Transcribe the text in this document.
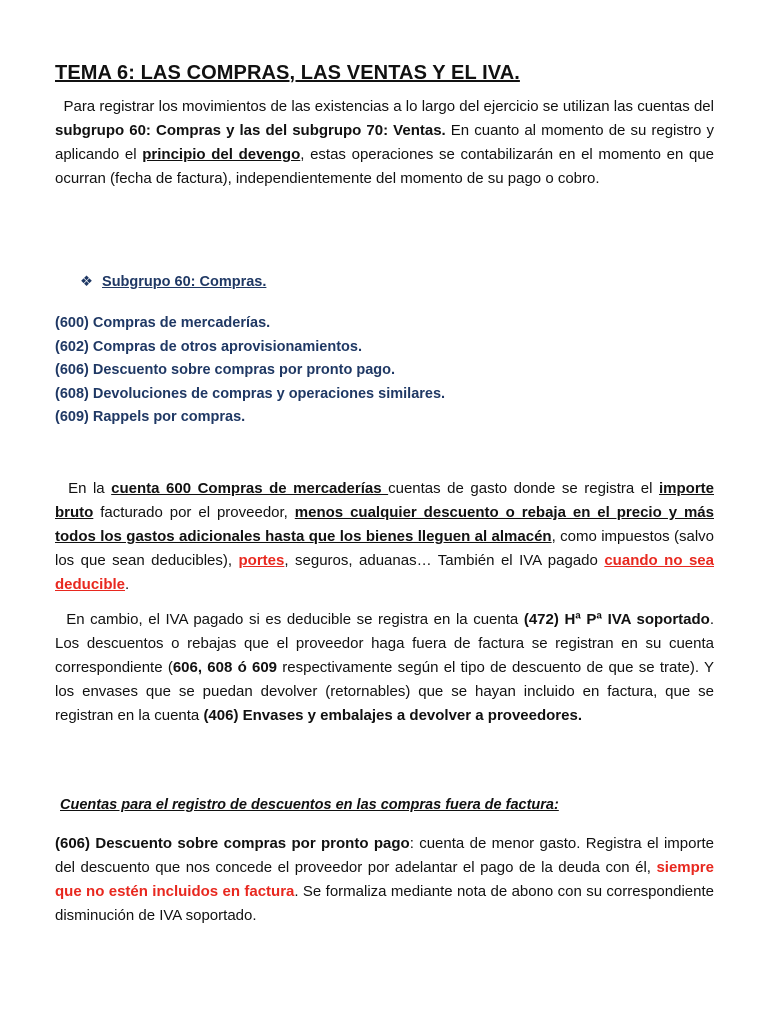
TEMA 6: LAS COMPRAS, LAS VENTAS Y EL IVA.

Para registrar los movimientos de las existencias a lo largo del ejercicio se utilizan las cuentas del subgrupo 60: Compras y las del subgrupo 70: Ventas. En cuanto al momento de su registro y aplicando el principio del devengo, estas operaciones se contabilizarán en el momento en que ocurran (fecha de factura), independientemente del momento de su pago o cobro.

❖ Subgrupo 60: Compras.
(600) Compras de mercaderías.
(602) Compras de otros aprovisionamientos.
(606) Descuento sobre compras por pronto pago.
(608) Devoluciones de compras y operaciones similares.
(609) Rappels por compras.

En la cuenta 600 Compras de mercaderías cuentas de gasto donde se registra el importe bruto facturado por el proveedor, menos cualquier descuento o rebaja en el precio y más todos los gastos adicionales hasta que los bienes lleguen al almacén, como impuestos (salvo los que sean deducibles), portes, seguros, aduanas… También el IVA pagado cuando no sea deducible.

En cambio, el IVA pagado si es deducible se registra en la cuenta (472) Hª Pª IVA soportado. Los descuentos o rebajas que el proveedor haga fuera de factura se registran en su cuenta correspondiente (606, 608 ó 609 respectivamente según el tipo de descuento de que se trate). Y los envases que se puedan devolver (retornables) que se hayan incluido en factura, que se registran en la cuenta (406) Envases y embalajes a devolver a proveedores.

Cuentas para el registro de descuentos en las compras fuera de factura:

(606) Descuento sobre compras por pronto pago: cuenta de menor gasto. Registra el importe del descuento que nos concede el proveedor por adelantar el pago de la deuda con él, siempre que no estén incluidos en factura. Se formaliza mediante nota de abono con su correspondiente disminución de IVA soportado.
